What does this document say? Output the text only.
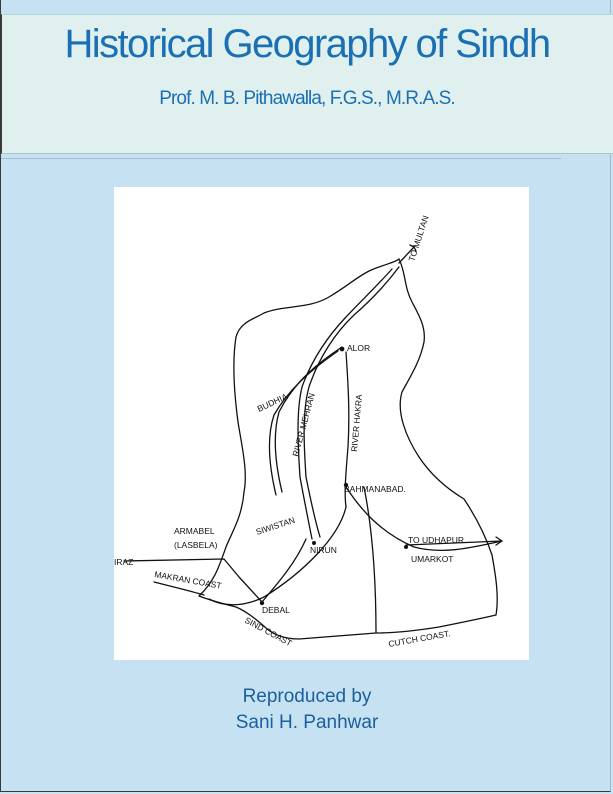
Historical Geography of Sindh
Prof. M. B. Pithawalla, F.G.S., M.R.A.S.
TO MULTAN
ALOR
BUDHIA RIVER MEHRAN	RIVER HAKRA
BAHMANABAD.
SIWISTAN
NIRUN
TO UDHAPUR.
UMARKOT
ARMABEL
(LASBELA)
IRAZ
MAKRAN COAST
DEBAL
SIND COAST	CUTCH COAST.
Reproduced by
Sani H. Panhwar
